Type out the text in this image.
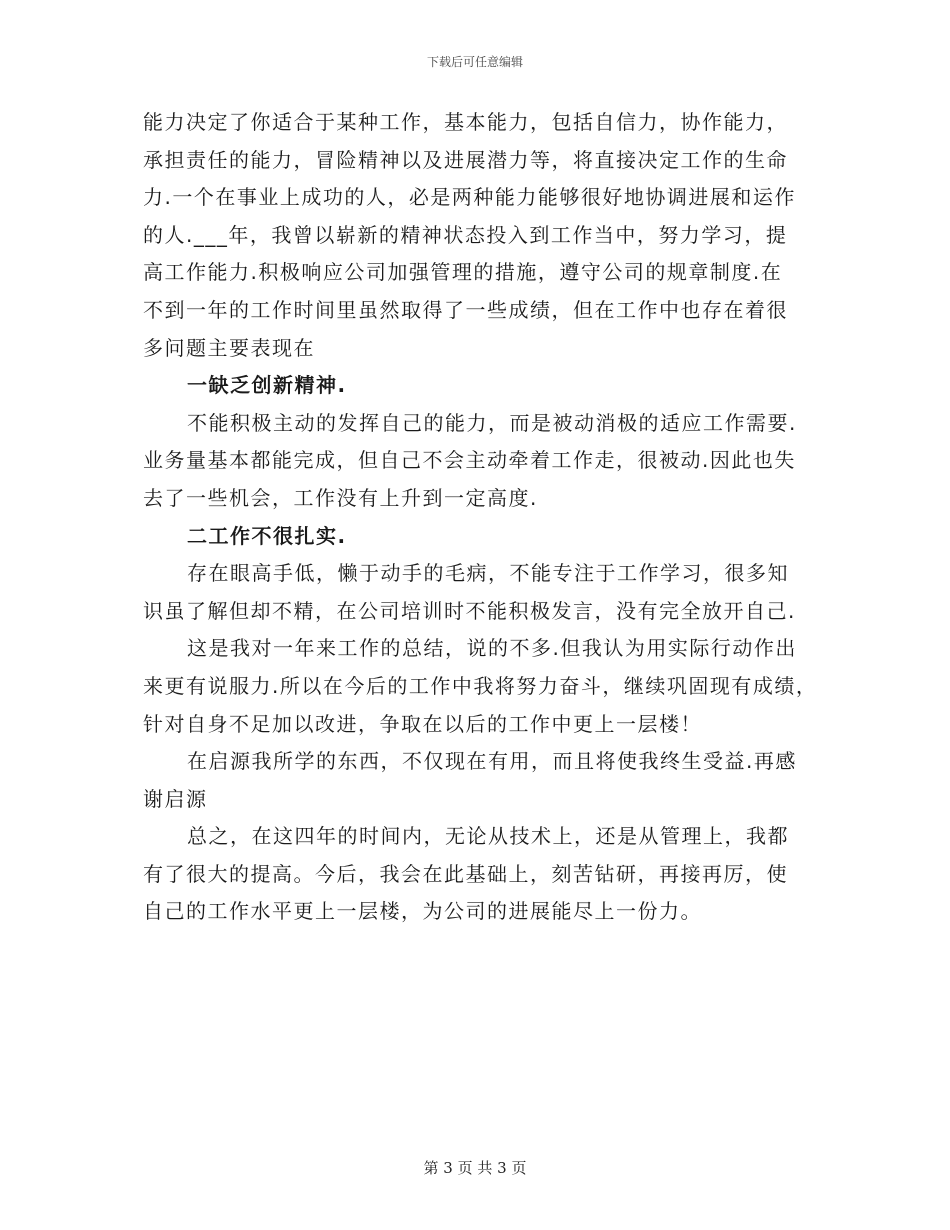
下载后可任意编辑
能力决定了你适合于某种工作，基本能力，包括自信力，协作能力，
承担责任的能力，冒险精神以及进展潜力等，将直接决定工作的生命
力.一个在事业上成功的人，必是两种能力能够很好地协调进展和运作
的人.___年，我曾以崭新的精神状态投入到工作当中，努力学习，提
高工作能力.积极响应公司加强管理的措施，遵守公司的规章制度.在
不到一年的工作时间里虽然取得了一些成绩，但在工作中也存在着很
多问题主要表现在
一缺乏创新精神.
不能积极主动的发挥自己的能力，而是被动消极的适应工作需要.
业务量基本都能完成，但自己不会主动牵着工作走，很被动.因此也失
去了一些机会，工作没有上升到一定高度.
二工作不很扎实.
存在眼高手低，懒于动手的毛病，不能专注于工作学习，很多知
识虽了解但却不精，在公司培训时不能积极发言，没有完全放开自己.
这是我对一年来工作的总结，说的不多.但我认为用实际行动作出
来更有说服力.所以在今后的工作中我将努力奋斗，继续巩固现有成绩，
针对自身不足加以改进，争取在以后的工作中更上一层楼！
在启源我所学的东西，不仅现在有用，而且将使我终生受益.再感
谢启源
总之，在这四年的时间内，无论从技术上，还是从管理上，我都
有了很大的提高。今后，我会在此基础上，刻苦钻研，再接再厉，使
自己的工作水平更上一层楼，为公司的进展能尽上一份力。
第 3 页 共 3 页
